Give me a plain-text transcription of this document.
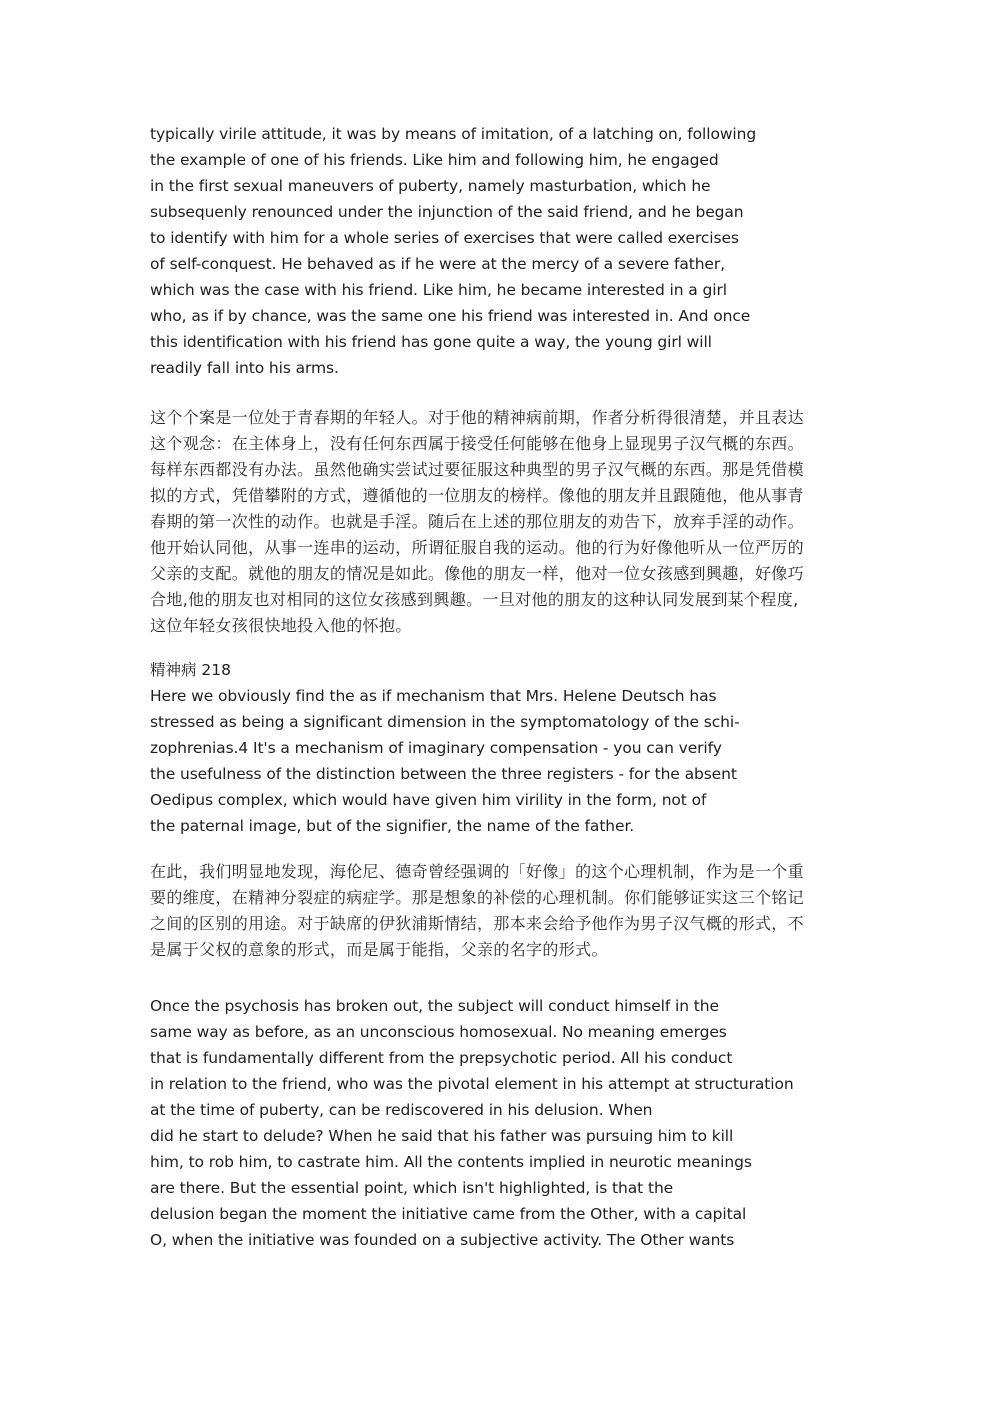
typically virile attitude, it was by means of imitation, of a latching on, following
the example of one of his friends. Like him and following him, he engaged
in the first sexual maneuvers of puberty, namely masturbation, which he
subsequenly renounced under the injunction of the said friend, and he began
to identify with him for a whole series of exercises that were called exercises
of self-conquest. He behaved as if he were at the mercy of a severe father,
which was the case with his friend. Like him, he became interested in a girl
who, as if by chance, was the same one his friend was interested in. And once
this identification with his friend has gone quite a way, the young girl will
readily fall into his arms.
这个个案是一位处于青春期的年轻人。对于他的精神病前期，作者分析得很清楚，并且表达
这个观念：在主体身上，没有任何东西属于接受任何能够在他身上显现男子汉气概的东西。
每样东西都没有办法。虽然他确实尝试过要征服这种典型的男子汉气概的东西。那是凭借模
拟的方式，凭借攀附的方式，遵循他的一位朋友的榜样。像他的朋友并且跟随他，他从事青
春期的第一次性的动作。也就是手淫。随后在上述的那位朋友的劝告下，放弃手淫的动作。
他开始认同他，从事一连串的运动，所谓征服自我的运动。他的行为好像他听从一位严厉的
父亲的支配。就他的朋友的情况是如此。像他的朋友一样，他对一位女孩感到興趣，好像巧
合地,他的朋友也对相同的这位女孩感到興趣。一旦对他的朋友的这种认同发展到某个程度,
这位年轻女孩很快地投入他的怀抱。
精神病 218
Here we obviously find the as if mechanism that Mrs. Helene Deutsch has
stressed as being a significant dimension in the symptomatology of the schi-
zophrenias.4 It's a mechanism of imaginary compensation - you can verify
the usefulness of the distinction between the three registers - for the absent
Oedipus complex, which would have given him virility in the form, not of
the paternal image, but of the signifier, the name of the father.
在此，我们明显地发现，海伦尼、德奇曾经强调的「好像」的这个心理机制，作为是一个重
要的维度，在精神分裂症的病症学。那是想象的补偿的心理机制。你们能够证实这三个铭记
之间的区别的用途。对于缺席的伊狄浦斯情结，那本来会给予他作为男子汉气概的形式，不
是属于父权的意象的形式，而是属于能指，父亲的名字的形式。
Once the psychosis has broken out, the subject will conduct himself in the
same way as before, as an unconscious homosexual. No meaning emerges
that is fundamentally different from the prepsychotic period. All his conduct
in relation to the friend, who was the pivotal element in his attempt at structuration
at the time of puberty, can be rediscovered in his delusion. When
did he start to delude? When he said that his father was pursuing him to kill
him, to rob him, to castrate him. All the contents implied in neurotic meanings
are there. But the essential point, which isn't highlighted, is that the
delusion began the moment the initiative came from the Other, with a capital
O, when the initiative was founded on a subjective activity. The Other wants
